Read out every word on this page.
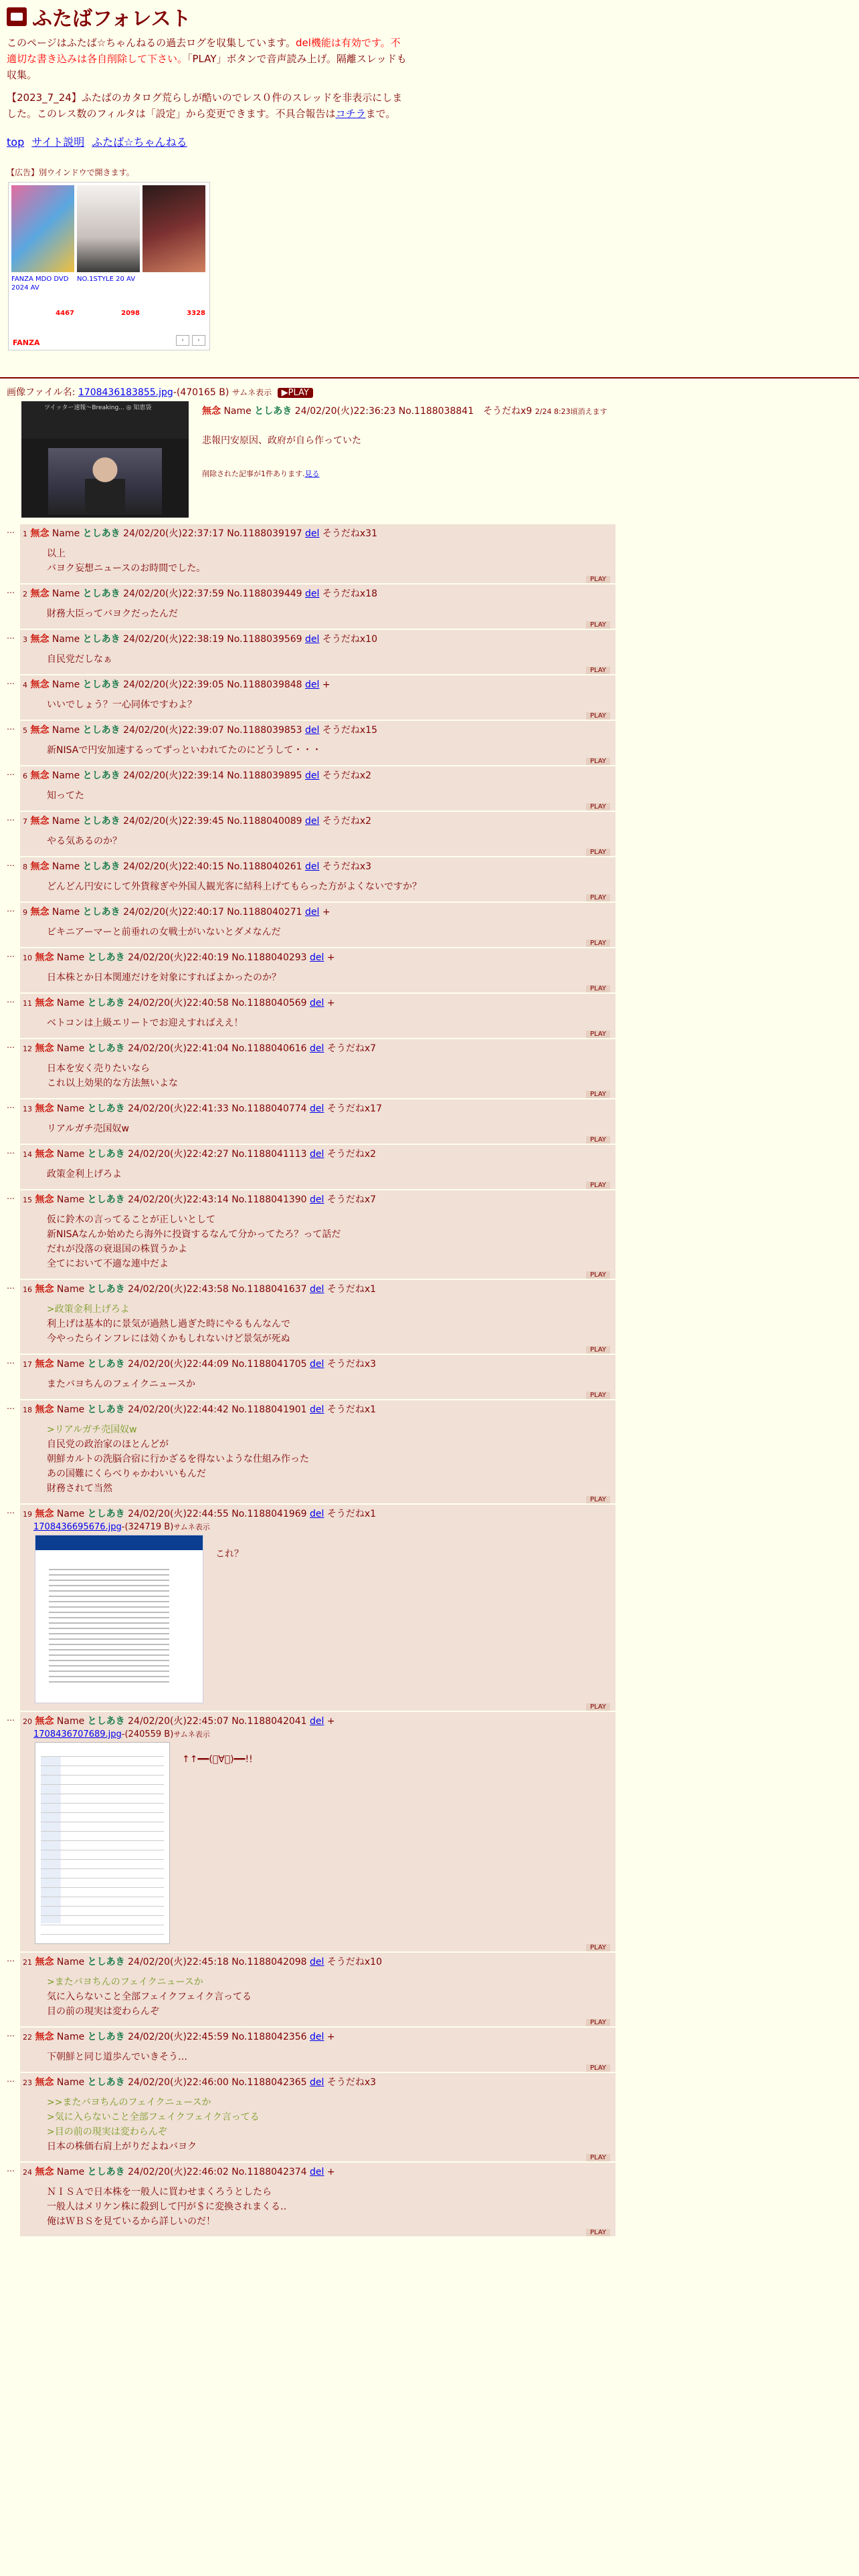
ふたばフォレスト

このページはふたば☆ちゃんねるの過去ログを収集しています。del機能は有効です。不適切な書き込みは各自削除して下さい。「PLAY」ボタンで音声読み上げ。隔離スレッドも収集。

【2023_7_24】ふたばのカタログ荒らしが酷いのでレス０件のスレッドを非表示にしました。このレス数のフィルタは「設定」から変更できます。不具合報告はコチラまで。

top サイト説明 ふたば☆ちゃんねる
【広告】別ウインドウで開きます。
FANZA MDO DVD 2024 AV
4467
NO.1STYLE 20 AV
2098	3328
FANZA	‹	›
画像ファイル名: 1708436183855.jpg-(470165 B) サムネ表示 ▶PLAY
ツイッター速報〜Breaking... ◎ 知恵袋	無念 Name としあき 24/02/20(火)22:36:23 No.1188038841　そうだねx9 2/24 8:23頃消えます
悲報円安原因、政府が自ら作っていた
削除された記事が1件あります.見る
…	1 無念 Name としあき 24/02/20(火)22:37:17 No.1188039197 del そうだねx31
以上
バヨク妄想ニュースのお時間でした。
PLAY
…	2 無念 Name としあき 24/02/20(火)22:37:59 No.1188039449 del そうだねx18
財務大臣ってバヨクだったんだ
PLAY
…	3 無念 Name としあき 24/02/20(火)22:38:19 No.1188039569 del そうだねx10
自民党だしなぁ
PLAY
…	4 無念 Name としあき 24/02/20(火)22:39:05 No.1188039848 del +
いいでしょう？一心同体ですわよ？
PLAY
…	5 無念 Name としあき 24/02/20(火)22:39:07 No.1188039853 del そうだねx15
新NISAで円安加速するってずっといわれてたのにどうして・・・
PLAY
…	6 無念 Name としあき 24/02/20(火)22:39:14 No.1188039895 del そうだねx2
知ってた
PLAY
…	7 無念 Name としあき 24/02/20(火)22:39:45 No.1188040089 del そうだねx2
やる気あるのか？
PLAY
…	8 無念 Name としあき 24/02/20(火)22:40:15 No.1188040261 del そうだねx3
どんどん円安にして外貨稼ぎや外国人観光客に結科上げてもらった方がよくないですか？
PLAY
…	9 無念 Name としあき 24/02/20(火)22:40:17 No.1188040271 del +
ビキニアーマーと前垂れの女戦士がいないとダメなんだ
PLAY
…	10 無念 Name としあき 24/02/20(火)22:40:19 No.1188040293 del +
日本株とか日本関連だけを対象にすればよかったのか？
PLAY
…	11 無念 Name としあき 24/02/20(火)22:40:58 No.1188040569 del +
ベトコンは上級エリートでお迎えすればええ！
PLAY
…	12 無念 Name としあき 24/02/20(火)22:41:04 No.1188040616 del そうだねx7
日本を安く売りたいなら
これ以上効果的な方法無いよな
PLAY
…	13 無念 Name としあき 24/02/20(火)22:41:33 No.1188040774 del そうだねx17
リアルガチ売国奴w
PLAY
…	14 無念 Name としあき 24/02/20(火)22:42:27 No.1188041113 del そうだねx2
政策金利上げろよ
PLAY
…	15 無念 Name としあき 24/02/20(火)22:43:14 No.1188041390 del そうだねx7
仮に鈴木の言ってることが正しいとして
新NISAなんか始めたら海外に投資するなんて分かってたろ？って話だ
だれが没落の衰退国の株買うかよ
全てにおいて不適な連中だよ
PLAY
…	16 無念 Name としあき 24/02/20(火)22:43:58 No.1188041637 del そうだねx1
>政策金利上げろよ
利上げは基本的に景気が過熱し過ぎた時にやるもんなんで
今やったらインフレには効くかもしれないけど景気が死ぬ
PLAY
…	17 無念 Name としあき 24/02/20(火)22:44:09 No.1188041705 del そうだねx3
またバヨちんのフェイクニュースか
PLAY
…	18 無念 Name としあき 24/02/20(火)22:44:42 No.1188041901 del そうだねx1
>リアルガチ売国奴w
自民党の政治家のほとんどが
朝鮮カルトの洗脳合宿に行かざるを得ないような仕組み作った
あの国難にくらべりゃかわいいもんだ
財務されて当然
PLAY
…	19 無念 Name としあき 24/02/20(火)22:44:55 No.1188041969 del そうだねx1
1708436695676.jpg-(324719 B)サムネ表示
これ？
PLAY
…	20 無念 Name としあき 24/02/20(火)22:45:07 No.1188042041 del +
1708436707689.jpg-(240559 B)サムネ表示
↑↑━━(ﾟ∀ﾟ)━━!!
PLAY
…	21 無念 Name としあき 24/02/20(火)22:45:18 No.1188042098 del そうだねx10
>またバヨちんのフェイクニュースか
気に入らないこと全部フェイクフェイク言ってる
目の前の現実は変わらんぞ
PLAY
…	22 無念 Name としあき 24/02/20(火)22:45:59 No.1188042356 del +
下朝鮮と同じ道歩んでいきそう…
PLAY
…	23 無念 Name としあき 24/02/20(火)22:46:00 No.1188042365 del そうだねx3
>>またバヨちんのフェイクニュースか
>気に入らないこと全部フェイクフェイク言ってる
>目の前の現実は変わらんぞ
日本の株価右肩上がりだよねバヨク
PLAY
…	24 無念 Name としあき 24/02/20(火)22:46:02 No.1188042374 del +
ＮＩＳＡで日本株を一般人に買わせまくろうとしたら
一般人はメリケン株に殺到して円が＄に変換されまくる‥
俺はＷＢＳを見ているから詳しいのだ！
PLAY
